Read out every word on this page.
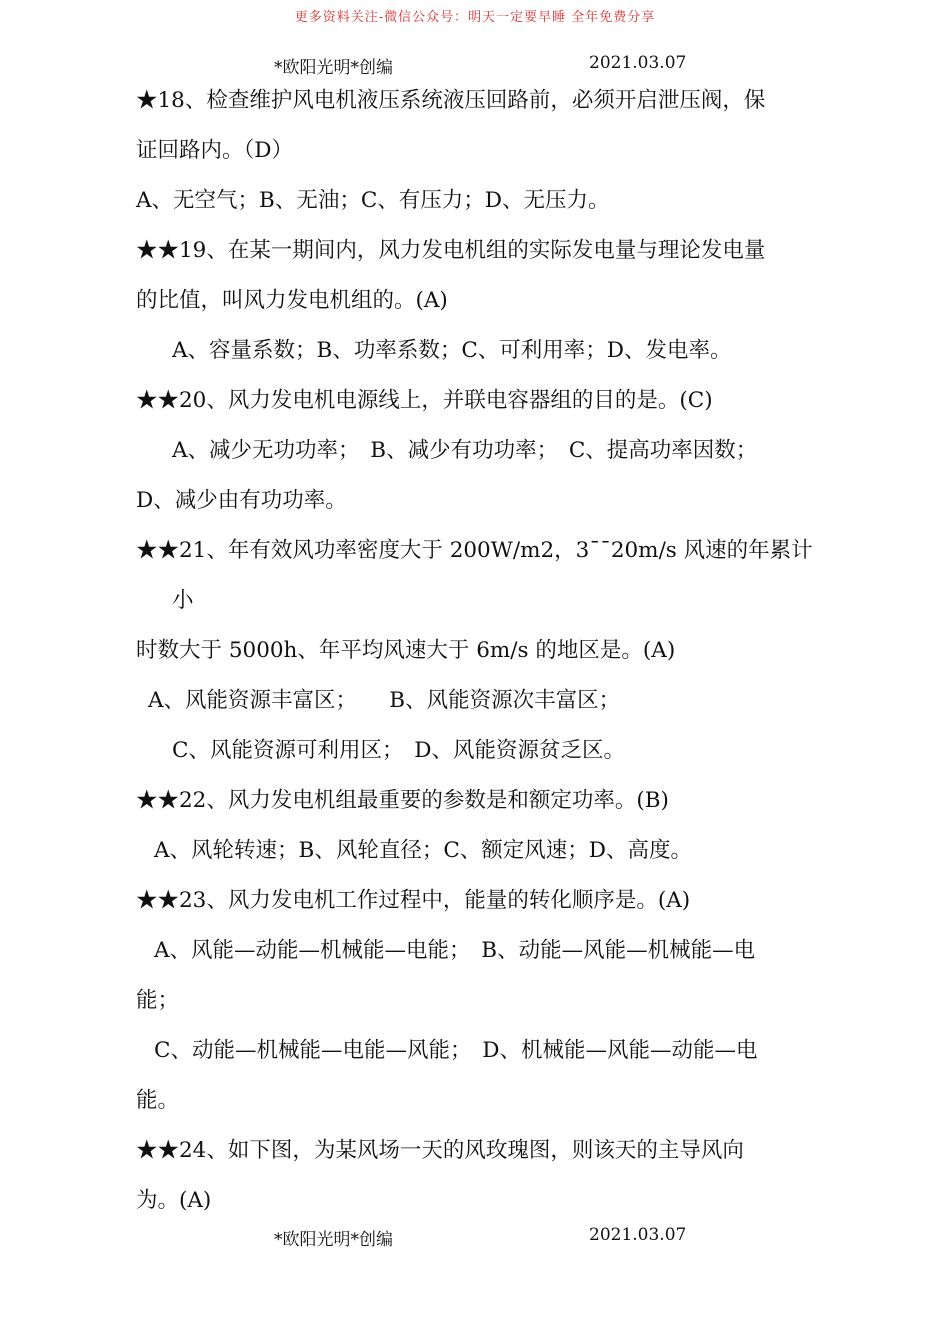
更多资料关注-微信公众号：明天一定要早睡 全年免费分享
*欧阳光明*创编	2021.03.07
★18、检查维护风电机液压系统液压回路前，必须开启泄压阀，保
证回路内。（D）
A、无空气；B、无油；C、有压力；D、无压力。
★★19、在某一期间内，风力发电机组的实际发电量与理论发电量
的比值，叫风力发电机组的。(A)
A、容量系数；B、功率系数；C、可利用率；D、发电率。
★★20、风力发电机电源线上，并联电容器组的目的是。(C)
A、减少无功功率；　B、减少有功功率；　C、提高功率因数；
D、减少由有功功率。
★★21、年有效风功率密度大于 200W/m2，3¯¯20m/s 风速的年累计
小
时数大于 5000h、年平均风速大于 6m/s 的地区是。(A)
A、风能资源丰富区；　　B、风能资源次丰富区；
C、风能资源可利用区；　D、风能资源贫乏区。
★★22、风力发电机组最重要的参数是和额定功率。(B)
A、风轮转速；B、风轮直径；C、额定风速；D、高度。
★★23、风力发电机工作过程中，能量的转化顺序是。(A)
A、风能—动能—机械能—电能；　B、动能—风能—机械能—电
能；
C、动能—机械能—电能—风能；　D、机械能—风能—动能—电
能。
★★24、如下图，为某风场一天的风玫瑰图，则该天的主导风向
为。(A)
*欧阳光明*创编	2021.03.07
